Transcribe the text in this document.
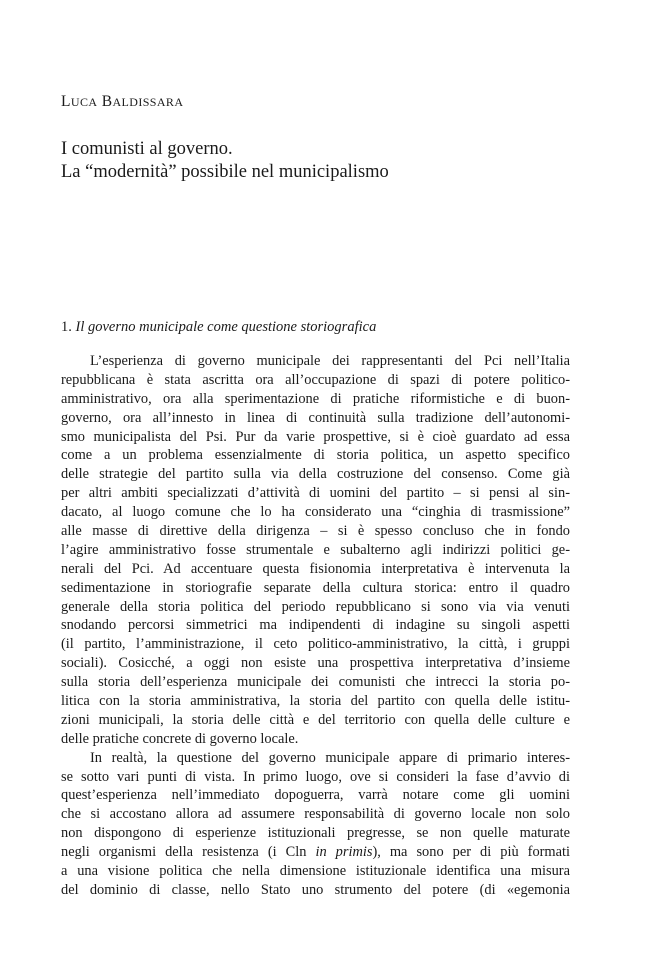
LUCA BALDISSARA
I comunisti al governo.
La “modernità” possibile nel municipalismo
1. Il governo municipale come questione storiografica
L’esperienza di governo municipale dei rappresentanti del Pci nell’Italia
repubblicana è stata ascritta ora all’occupazione di spazi di potere politico-
amministrativo, ora alla sperimentazione di pratiche riformistiche e di buon-
governo, ora all’innesto in linea di continuità sulla tradizione dell’autonomi-
smo municipalista del Psi. Pur da varie prospettive, si è cioè guardato ad essa
come a un problema essenzialmente di storia politica, un aspetto specifico
delle strategie del partito sulla via della costruzione del consenso. Come già
per altri ambiti specializzati d’attività di uomini del partito – si pensi al sin-
dacato, al luogo comune che lo ha considerato una “cinghia di trasmissione”
alle masse di direttive della dirigenza – si è spesso concluso che in fondo
l’agire amministrativo fosse strumentale e subalterno agli indirizzi politici ge-
nerali del Pci. Ad accentuare questa fisionomia interpretativa è intervenuta la
sedimentazione in storiografie separate della cultura storica: entro il quadro
generale della storia politica del periodo repubblicano si sono via via venuti
snodando percorsi simmetrici ma indipendenti di indagine su singoli aspetti
(il partito, l’amministrazione, il ceto politico-amministrativo, la città, i gruppi
sociali). Cosicché, a oggi non esiste una prospettiva interpretativa d’insieme
sulla storia dell’esperienza municipale dei comunisti che intrecci la storia po-
litica con la storia amministrativa, la storia del partito con quella delle istitu-
zioni municipali, la storia delle città e del territorio con quella delle culture e
delle pratiche concrete di governo locale.
In realtà, la questione del governo municipale appare di primario interes-
se sotto vari punti di vista. In primo luogo, ove si consideri la fase d’avvio di
quest’esperienza nell’immediato dopoguerra, varrà notare come gli uomini
che si accostano allora ad assumere responsabilità di governo locale non solo
non dispongono di esperienze istituzionali pregresse, se non quelle maturate
negli organismi della resistenza (i Cln in primis), ma sono per di più formati
a una visione politica che nella dimensione istituzionale identifica una misura
del dominio di classe, nello Stato uno strumento del potere (di «egemonia
